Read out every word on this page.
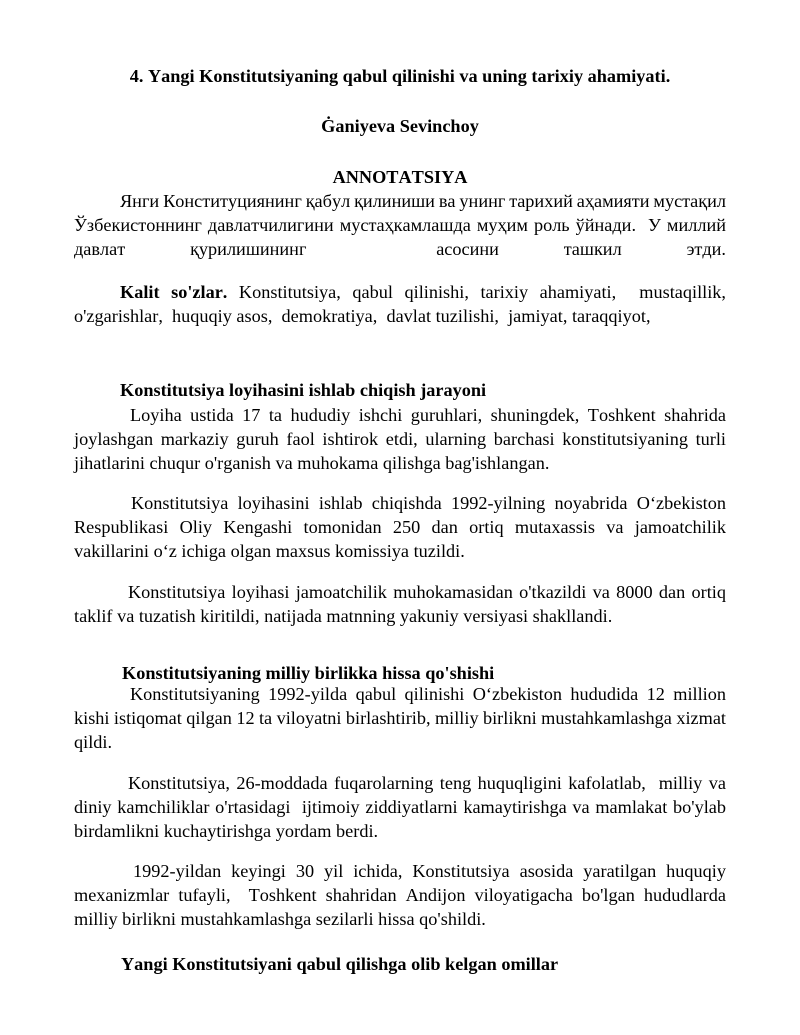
4. Yangi Konstitutsiyaning qabul qilinishi va uning tarixiy ahamiyati.
Ġaniyeva Sevinchoy
ANNOTATSIYA
Янги Конституциянинг қабул қилиниши ва унинг тарихий аҳамияти мустақил
Ўзбекистоннинг давлатчилигини мустаҳкамлашда муҳим роль ўйнади.  У миллий
давлат қурилишининг  асосини ташкил этди.
Kalit so'zlar. Konstitutsiya, qabul qilinishi, tarixiy ahamiyati,  mustaqillik,
o'zgarishlar,  huquqiy asos,  demokratiya,  davlat tuzilishi,  jamiyat, taraqqiyot,
Konstitutsiya loyihasini ishlab chiqish jarayoni
Loyiha ustida 17 ta hududiy ishchi guruhlari, shuningdek, Toshkent shahrida
joylashgan markaziy guruh faol ishtirok etdi, ularning barchasi konstitutsiyaning turli
jihatlarini chuqur o'rganish va muhokama qilishga bag'ishlangan.
Konstitutsiya loyihasini ishlab chiqishda 1992-yilning noyabrida Oʻzbekiston
Respublikasi Oliy Kengashi tomonidan 250 dan ortiq mutaxassis va jamoatchilik
vakillarini oʻz ichiga olgan maxsus komissiya tuzildi.
Konstitutsiya loyihasi jamoatchilik muhokamasidan o'tkazildi va 8000 dan ortiq
taklif va tuzatish kiritildi, natijada matnning yakuniy versiyasi shakllandi.
Konstitutsiyaning milliy birlikka hissa qo'shishi
Konstitutsiyaning 1992-yilda qabul qilinishi Oʻzbekiston hududida 12 million
kishi istiqomat qilgan 12 ta viloyatni birlashtirib, milliy birlikni mustahkamlashga xizmat
qildi.
Konstitutsiya, 26-moddada fuqarolarning teng huquqligini kafolatlab,  milliy va
diniy kamchiliklar o'rtasidagi  ijtimoiy ziddiyatlarni kamaytirishga va mamlakat bo'ylab
birdamlikni kuchaytirishga yordam berdi.
1992-yildan keyingi 30 yil ichida, Konstitutsiya asosida yaratilgan huquqiy
mexanizmlar tufayli,  Toshkent shahridan Andijon viloyatigacha bo'lgan hududlarda
milliy birlikni mustahkamlashga sezilarli hissa qo'shildi.
Yangi Konstitutsiyani qabul qilishga olib kelgan omillar
